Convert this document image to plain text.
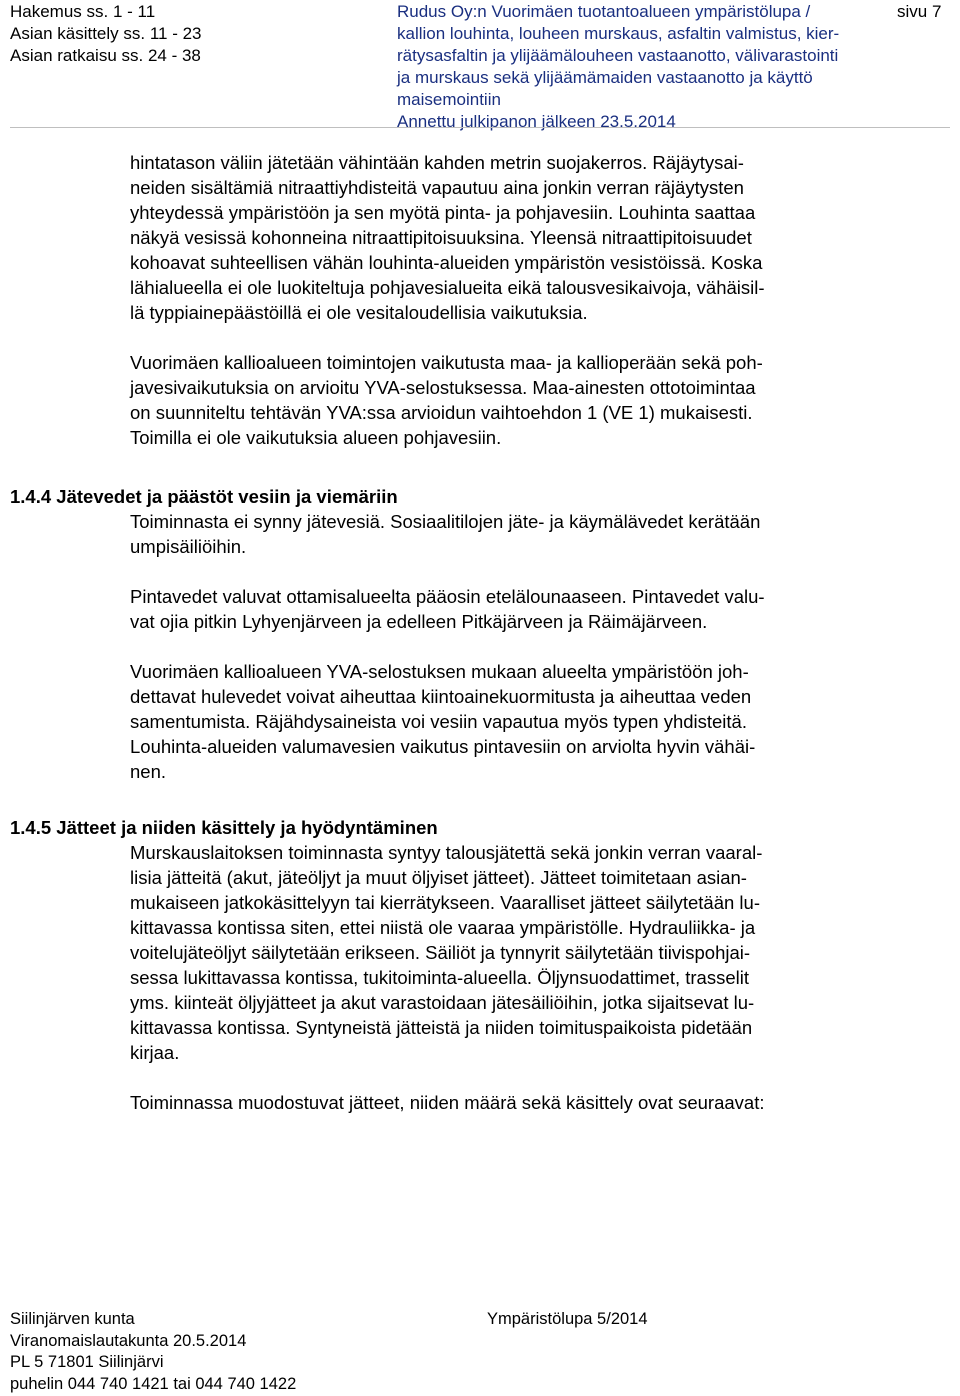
Hakemus ss. 1 - 11
Asian käsittely ss. 11 - 23
Asian ratkaisu ss. 24 - 38
Rudus Oy:n Vuorimäen tuotantoalueen ympäristölupa /
kallion louhinta, louheen murskaus, asfaltin valmistus, kier-
rätysasfaltin ja ylijäämälouheen vastaanotto, välivarastointi
ja murskaus sekä ylijäämämaiden vastaanotto ja käyttö
maisemointiin
Annettu julkipanon jälkeen 23.5.2014
sivu 7

hintatason väliin jätetään vähintään kahden metrin suojakerros. Räjäytysai-
neiden sisältämiä nitraattiyhdisteitä vapautuu aina jonkin verran räjäytysten
yhteydessä ympäristöön ja sen myötä pinta- ja pohjavesiin. Louhinta saattaa
näkyä vesissä kohonneina nitraattipitoisuuksina. Yleensä nitraattipitoisuudet
kohoavat suhteellisen vähän louhinta-alueiden ympäristön vesistöissä. Koska
lähialueella ei ole luokiteltuja pohjavesialueita eikä talousvesikaivoja, vähäisil-
lä typpiainepäästöillä ei ole vesitaloudellisia vaikutuksia.

Vuorimäen kallioalueen toimintojen vaikutusta maa- ja kallioperään sekä poh-
javesivaikutuksia on arvioitu YVA-selostuksessa. Maa-ainesten ottotoimintaa
on suunniteltu tehtävän YVA:ssa arvioidun vaihtoehdon 1 (VE 1) mukaisesti.
Toimilla ei ole vaikutuksia alueen pohjavesiin.

1.4.4 Jätevedet ja päästöt vesiin ja viemäriin

Toiminnasta ei synny jätevesiä. Sosiaalitilojen jäte- ja käymälävedet kerätään
umpisäiliöihin.

Pintavedet valuvat ottamisalueelta pääosin etelälounaaseen. Pintavedet valu-
vat ojia pitkin Lyhyenjärveen ja edelleen Pitkäjärveen ja Räimäjärveen.

Vuorimäen kallioalueen YVA-selostuksen mukaan alueelta ympäristöön joh-
dettavat hulevedet voivat aiheuttaa kiintoainekuormitusta ja aiheuttaa veden
samentumista. Räjähdysaineista voi vesiin vapautua myös typen yhdisteitä.
Louhinta-alueiden valumavesien vaikutus pintavesiin on arviolta hyvin vähäi-
nen.

1.4.5 Jätteet ja niiden käsittely ja hyödyntäminen

Murskauslaitoksen toiminnasta syntyy talousjätettä sekä jonkin verran vaaral-
lisia jätteitä (akut, jäteöljyt ja muut öljyiset jätteet). Jätteet toimitetaan asian-
mukaiseen jatkokäsittelyyn tai kierrätykseen. Vaaralliset jätteet säilytetään lu-
kittavassa kontissa siten, ettei niistä ole vaaraa ympäristölle. Hydrauliikka- ja
voitelujäteöljyt säilytetään erikseen. Säiliöt ja tynnyrit säilytetään tiivispohjai-
sessa lukittavassa kontissa, tukitoiminta-alueella. Öljynsuodattimet, trasselit
yms. kiinteät öljyjätteet ja akut varastoidaan jätesäiliöihin, jotka sijaitsevat lu-
kittavassa kontissa. Syntyneistä jätteistä ja niiden toimituspaikoista pidetään
kirjaa.

Toiminnassa muodostuvat jätteet, niiden määrä sekä käsittely ovat seuraavat:

Siilinjärven kunta
Viranomaislautakunta 20.5.2014
PL 5 71801 Siilinjärvi
puhelin 044 740 1421 tai 044 740 1422
Ympäristölupa 5/2014
